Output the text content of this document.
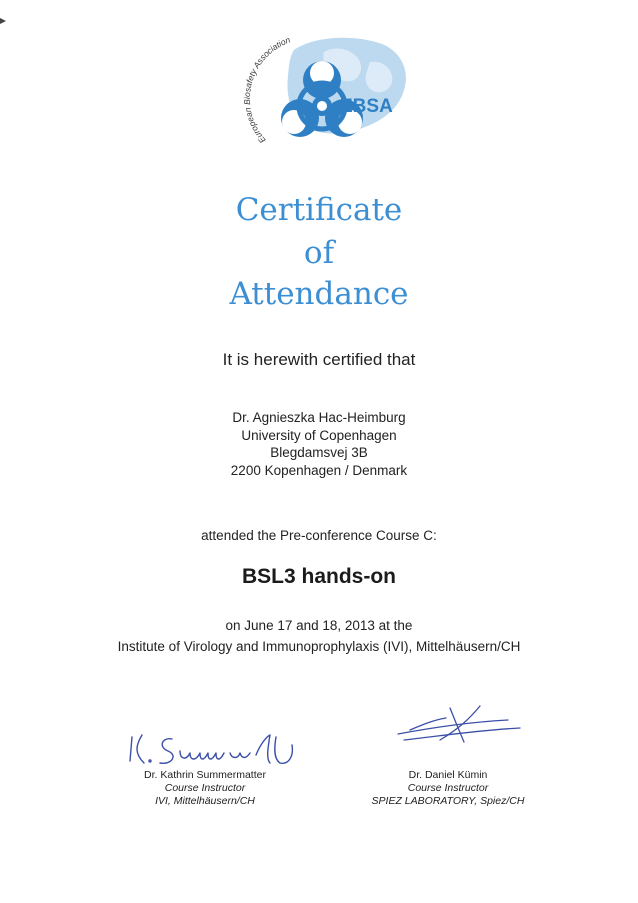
European Biosafety Association
EBSA
Certificate
of
Attendance
It is herewith certified that
Dr. Agnieszka Hac-Heimburg
University of Copenhagen
Blegdamsvej 3B
2200 Kopenhagen / Denmark
attended the Pre-conference Course C:
BSL3 hands-on
on June 17 and 18, 2013 at the
Institute of Virology and Immunoprophylaxis (IVI), Mittelhäusern/CH
Dr. Kathrin Summermatter
Course Instructor
IVI, Mittelhäusern/CH
Dr. Daniel Kümin
Course Instructor
SPIEZ LABORATORY, Spiez/CH
